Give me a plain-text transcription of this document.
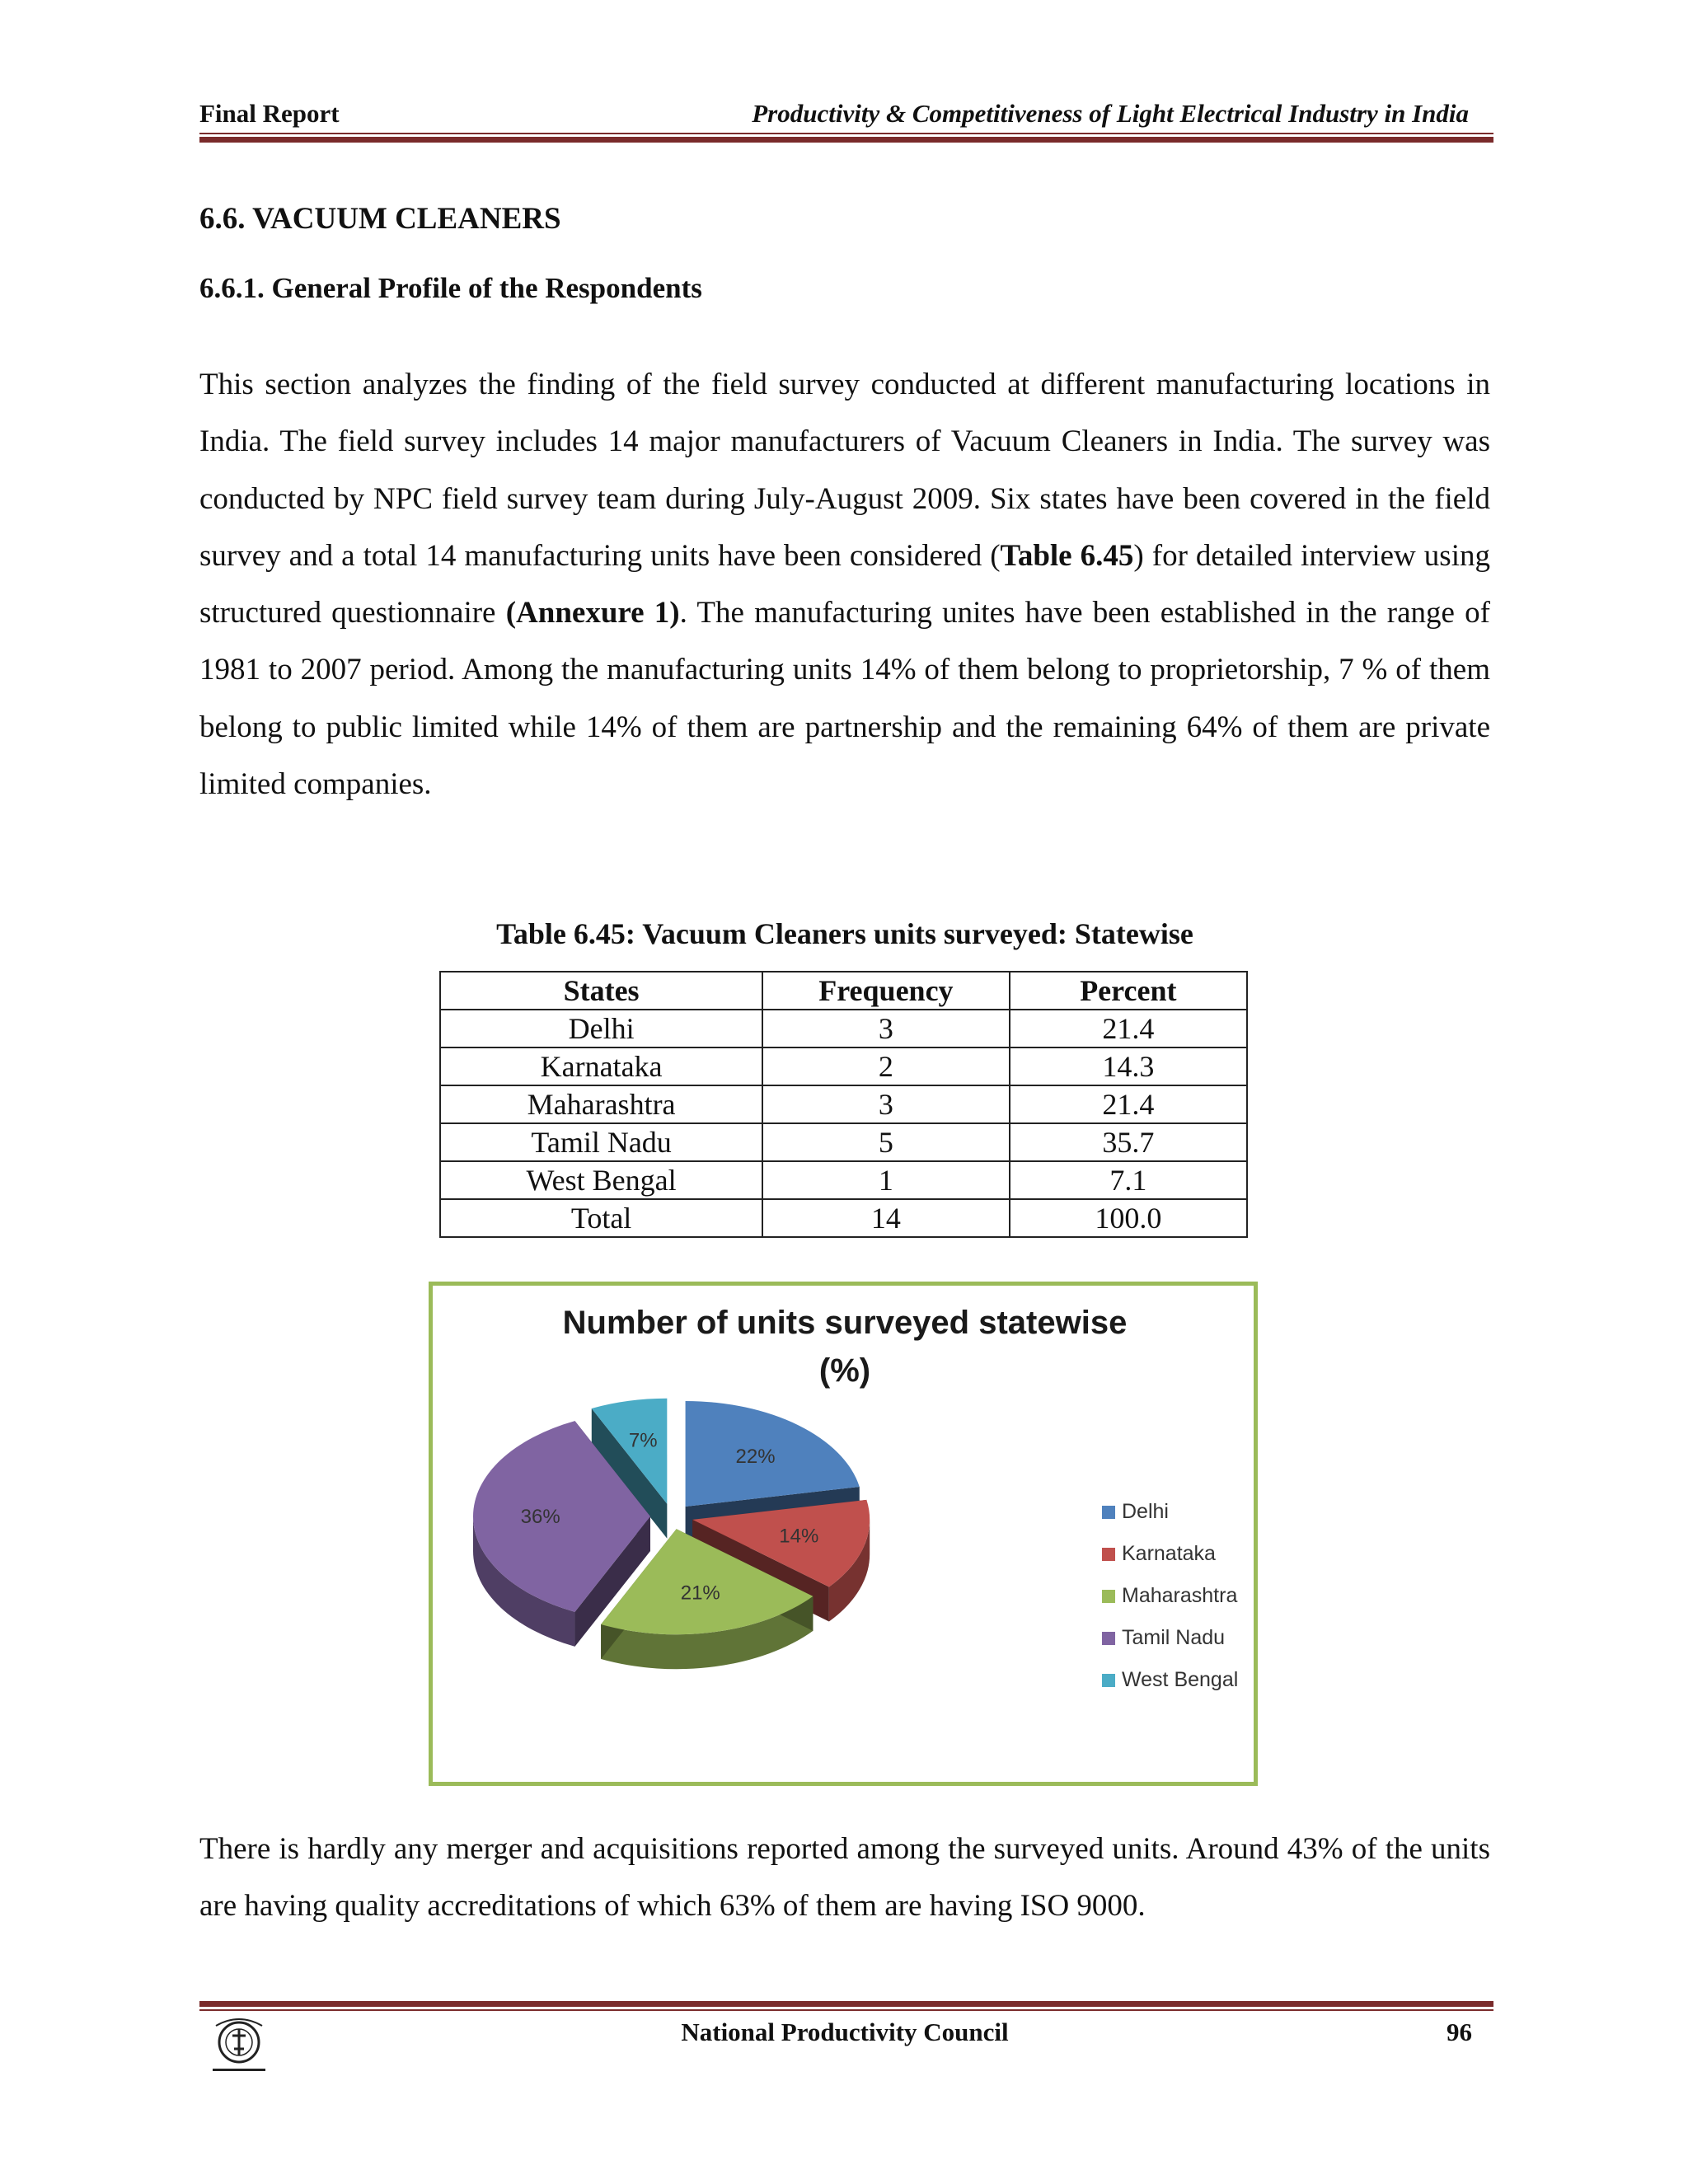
Final Report	Productivity & Competitiveness of Light Electrical Industry in India
6.6. VACUUM CLEANERS
6.6.1. General Profile of the Respondents
This section analyzes the finding of the field survey conducted at different manufacturing locations in India. The field survey includes 14 major manufacturers of Vacuum Cleaners in India. The survey was conducted by NPC field survey team during July-August 2009. Six states have been covered in the field survey and a total 14 manufacturing units have been considered (Table 6.45) for detailed interview using structured questionnaire (Annexure 1). The manufacturing unites have been established in the range of 1981 to 2007 period. Among the manufacturing units 14% of them belong to proprietorship, 7 % of them belong to public limited while 14% of them are partnership and the remaining 64% of them are private limited companies.
Table 6.45: Vacuum Cleaners units surveyed: Statewise
States	Frequency	Percent
Delhi	3	21.4
Karnataka	2	14.3
Maharashtra	3	21.4
Tamil Nadu	5	35.7
West Bengal	1	7.1
Total	14	100.0
Number of units surveyed statewise
(%)
7%
22%
36%
14%
21%
Delhi
Karnataka
Maharashtra
Tamil Nadu
West Bengal
There is hardly any merger and acquisitions reported among the surveyed units. Around 43% of the units are having quality accreditations of which 63% of them are having ISO 9000.
National Productivity Council	96
